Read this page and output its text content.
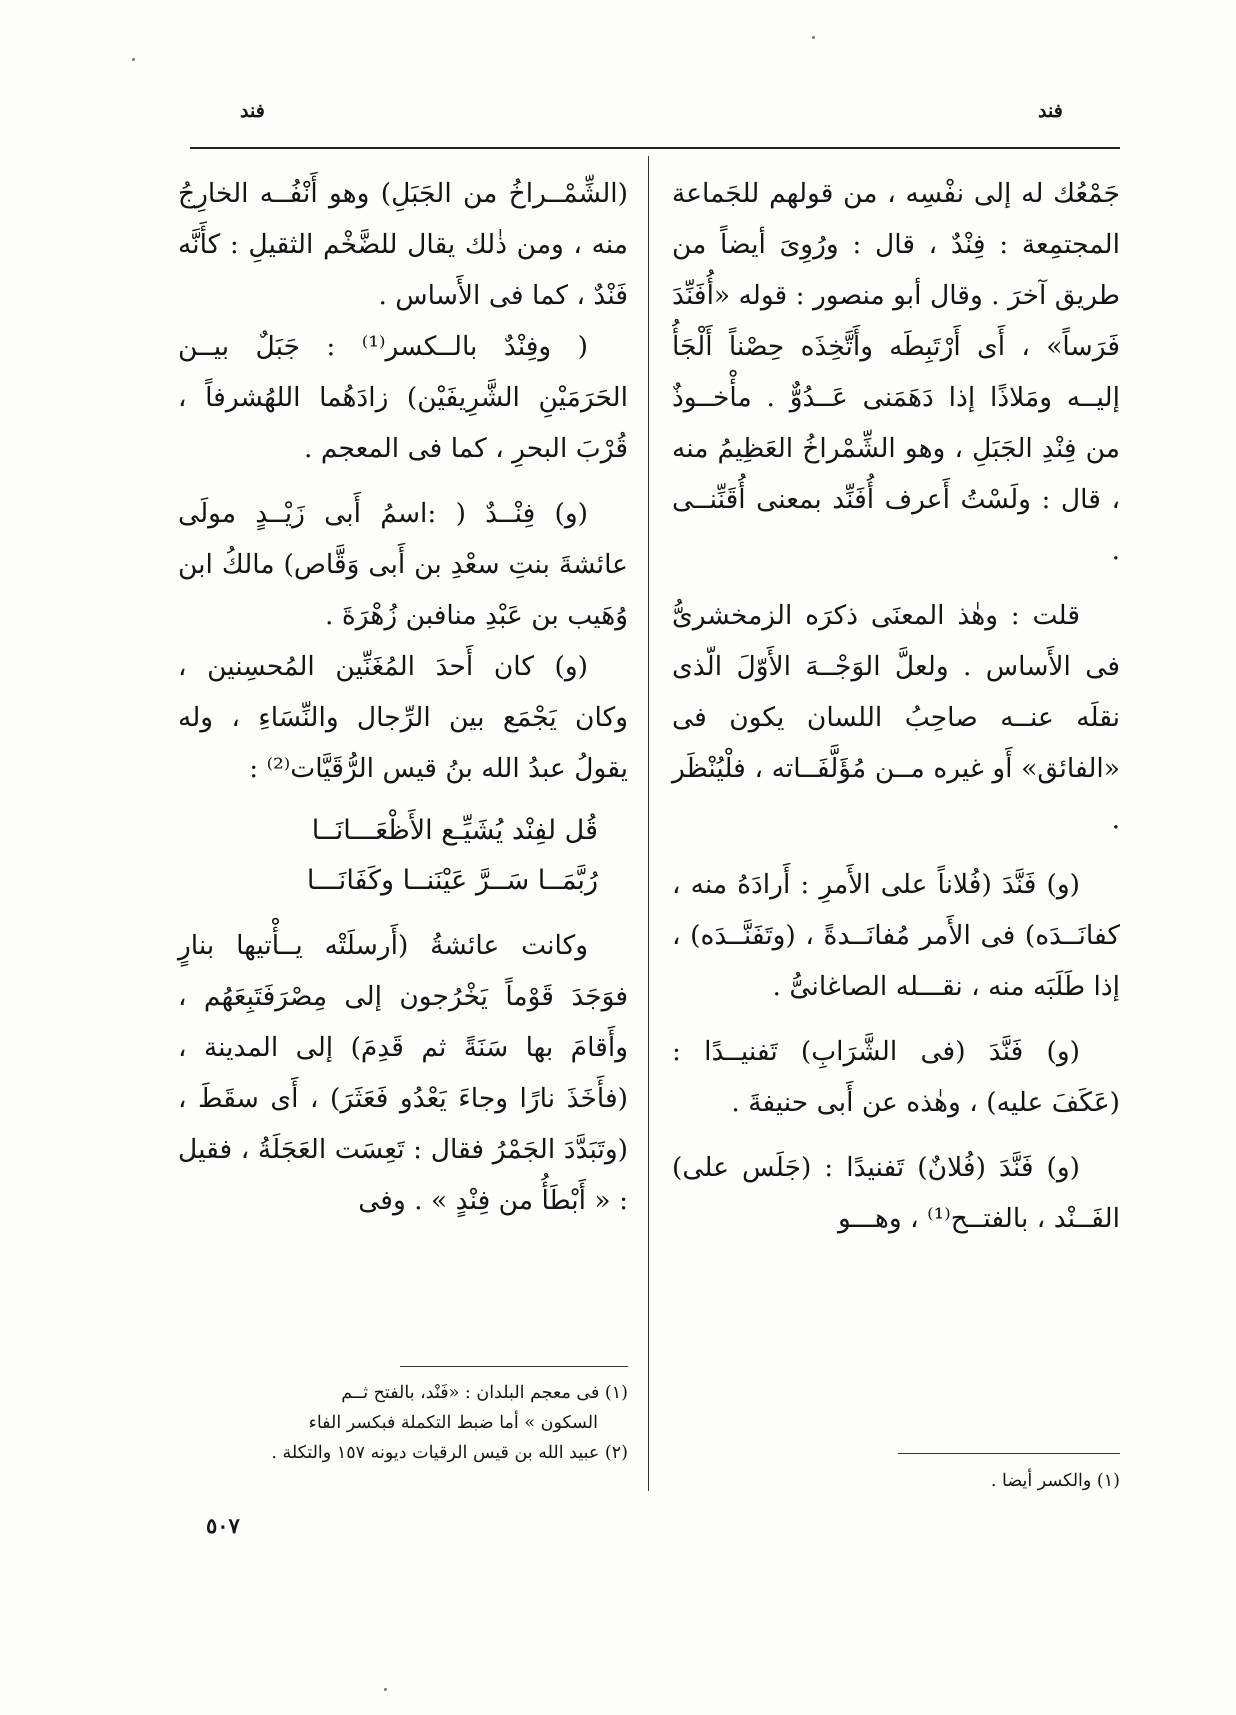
فند
فند

جَمْعُك له إلى نفْسِه ، من قولهم للجَماعة المجتمِعة : فِنْدٌ ، قال : ورُوِىَ أيضاً من طريق آخرَ . وقال أبو منصور : قوله «أُفَنِّدَ فَرَساً» ، أَى أَرْتَبِطَه وأَتَّخِذَه حِصْناً أَلْجَأُ إليــه ومَلاذًا إذا دَهَمَنى عَــدُوٌّ . مأْخــوذٌ من فِنْدِ الجَبَلِ ، وهو الشِّمْراخُ العَظِيمُ منه ، قال : ولَسْتُ أَعرف أُفَنِّد بمعنى أُقَنِّنــى .

قلت : وهٰذ المعنَى ذكرَه الزمخشرىُّ فى الأَساس . ولعلَّ الوَجْــهَ الأَوّلَ الّذى نقلَه عنــه صاحِبُ اللسان يكون فى «الفائق» أَو غيره مــن مُؤَلَّفَــاته ، فلْيُنْظَر .

(و) فَنَّدَ (فُلاناً على الأَمرِ : أَرادَهُ منه ، كفانَــدَه) فى الأَمر مُفانَــدةً ، (وتَفَنَّــدَه) ، إذا طَلَبَه منه ، نقـــله الصاغانىُّ .

(و) فَنَّدَ (فى الشَّرَابِ) تَفنيــدًا : (عَكَفَ عليه) ، وهٰذه عن أَبى حنيفةَ .

(و) فَنَّدَ (فُلانٌ) تَفنيدًا : (جَلَس على) الفَــنْد ، بالفتــح⁽¹⁾ ، وهـــو

(الشِّمْــراخُ من الجَبَلِ) وهو أَنْفُــه الخارِجُ منه ، ومن ذٰلك يقال للضَّخْم الثقيلِ : كأَنَّه فَنْدٌ ، كما فى الأَساس .

( وفِنْدٌ بالــكسر⁽¹⁾ : جَبَلٌ بيــن الحَرَمَيْنِ الشَّرِيفَيْن) زادَهُما اللهُشرفاً ، قُرْبَ البحرِ ، كما فى المعجم .

(و) فِنْــدٌ ( :اسمُ أَبى زَيْــدٍ مولَى عائشةَ بنتِ سعْدِ بن أَبى وَقَّاص) مالكُ ابن وُهَيب بن عَبْدِ منافبن زُهْرَةَ .

(و) كان أَحدَ المُغَنِّين المُحسِنين ، وكان يَجْمَع بين الرِّجال والنِّسَاءِ ، وله يقولُ عبدُ الله بنُ قيس الرُّقَيَّات⁽²⁾ :

قُل لفِنْد يُشَيِّـع الأَظْعَـــانَــا
رُبَّمَــا سَــرَّ عَيْنَنــا وكَفَانَـــا

وكانت عائشةُ (أَرسلَتْه يــأْتيها بنارٍ فوَجَدَ قَوْماً يَخْرُجون إلى مِصْرَفَتَبِعَهُم ، وأَقامَ بها سَنَةً ثم قَدِمَ) إلى المدينة ، (فأَخَذَ نارًا وجاءَ يَعْدُو فَعَثَرَ) ، أَى سقَطَ ، (وتَبَدَّدَ الجَمْرُ فقال : تَعِسَت العَجَلَةُ ، فقيل : « أَبْطَأُ من فِنْدٍ » . وفى

(١) والكسر أيضا .
(١) فى معجم البلدان : «فَنْد، بالفتح ثــم
السكون » أما ضبط التكملة فبكسر الفاء
(٢) عبيد الله بن قيس الرقيات ديونه ١٥٧ والتكلة .
٥٠٧
